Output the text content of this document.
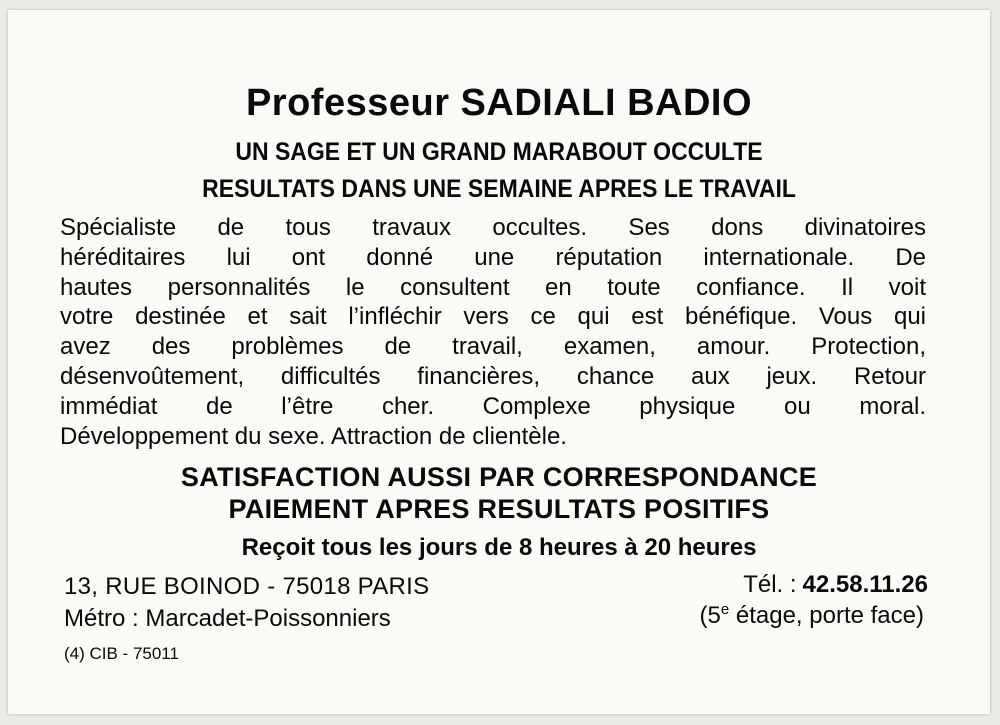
Professeur SADIALI BADIO
UN SAGE ET UN GRAND MARABOUT OCCULTE
RESULTATS DANS UNE SEMAINE APRES LE TRAVAIL
Spécialiste de tous travaux occultes. Ses dons divinatoires
héréditaires lui ont donné une réputation internationale. De
hautes personnalités le consultent en toute confiance. Il voit
votre destinée et sait l’infléchir vers ce qui est bénéfique. Vous qui
avez des problèmes de travail, examen, amour. Protection,
désenvoûtement, difficultés financières, chance aux jeux. Retour
immédiat de l’être cher. Complexe physique ou moral.
Développement du sexe. Attraction de clientèle.
SATISFACTION AUSSI PAR CORRESPONDANCE
PAIEMENT APRES RESULTATS POSITIFS
Reçoit tous les jours de 8 heures à 20 heures
13, RUE BOINOD - 75018 PARIS
Métro : Marcadet-Poissonniers
(4) CIB - 75011
Tél. : 42.58.11.26
(5e étage, porte face)
